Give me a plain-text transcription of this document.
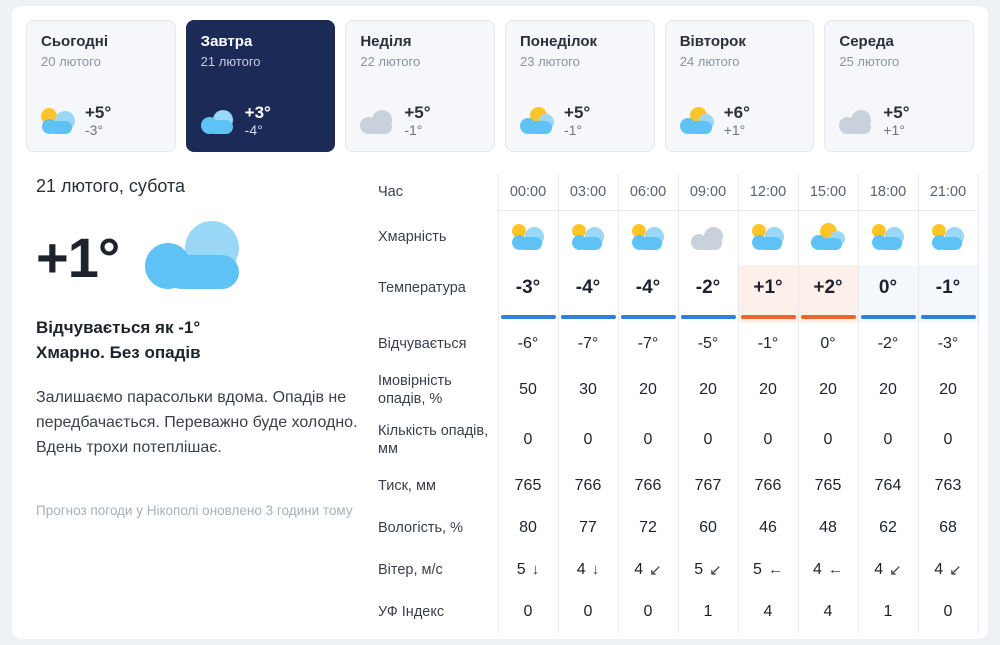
Сьогодні
20 лютого
+5°
-3°
Завтра
21 лютого
+3°
-4°
Неділя
22 лютого
+5°
-1°
Понеділок
23 лютого
+5°
-1°
Вівторок
24 лютого
+6°
+1°
Середа
25 лютого
+5°
+1°
21 лютого, субота
+1°
Відчувається як -1°
Хмарно. Без опадів
Залишаємо парасольки вдома. Опадів не передбачається. Переважно буде холодно. Вдень трохи потеплішає.
Прогноз погоди у Нікополі оновлено 3 години тому
Час	00:00	03:00	06:00	09:00	12:00	15:00	18:00	21:00
Хмарність	

Температура	-3°	-4°	-4°	-2°	+1°	+2°	0°	-1°

Відчувається	-6°	-7°	-7°	-5°	-1°	0°	-2°	-3°
Імовірність опадів, %	50	30	20	20	20	20	20	20
Кількість опадів, мм	0	0	0	0	0	0	0	0
Тиск, мм	765	766	766	767	766	765	764	763
Вологість, %	80	77	72	60	46	48	62	68
Вітер, м/с	5 ↓	4 ↓	4 ↙	5 ↙	5 ←	4 ←	4 ↙	4 ↙

УФ Індекс	0	0	0	1	4	4	1	0
